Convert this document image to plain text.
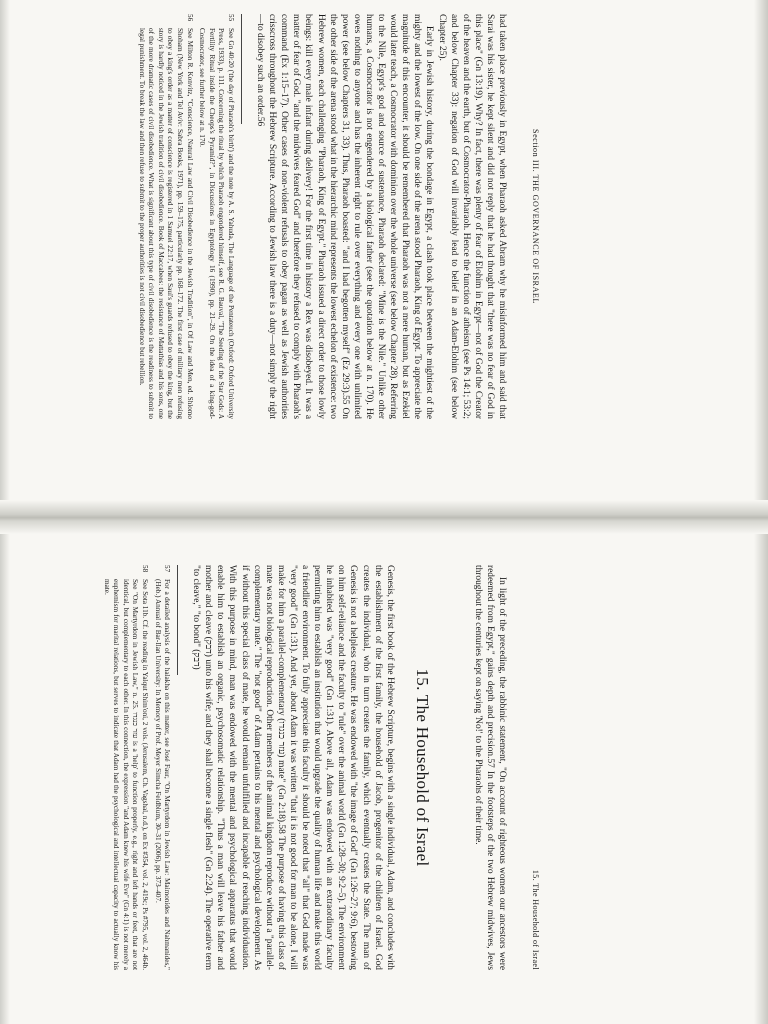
Section III. THE GOVERNANCE OF ISRAEL

had taken place previously in Egypt, when Pharaoh asked Abram why he misinformed him and said that Sarai was his sister, he kept silent and did not reply that he had thought that "there was no fear of God in this place" (Gn 13:19). Why? In fact, there was plenty of fear of Elohim in Egypt—not of God the Creator of the heaven and the earth, but of Cosmocrator-Pharaoh. Hence the function of atheism (see Ps 14:1; 53:2; and below Chapter 33): negation of God will invariably lead to belief in an Adam-Elohim (see below Chapter 25).

Early in Jewish history, during the bondage in Egypt, a clash took place between the mightiest of the mighty and the lowest of the low. On one side of the arena stood Pharaoh, King of Egypt. To appreciate the magnitude of this encounter, it should be remembered that Pharaoh was not a mere human, but as Ezekiel would later teach, a Cosmocrator with dominion over the whole universe (see below Chapter 28). Referring to the Nile, Egypt's god and source of sustenance, Pharaoh declared: "Mine is the Nile." Unlike other humans, a Cosmocrator is not engendered by a biological father (see the quotation below at n. 170). He owes nothing to anyone and has the inherent right to rule over everything and every one with unlimited power (see below Chapters 31, 33). Thus, Pharaoh boasted: "and I had begotten myself" (Ez 29:3).55 On the other side of the arena stood what in the hierarchic mind represents the lowest echelon of existence: two Hebrew women, each challenging "Pharaoh, King of Egypt." Pharaoh issued a direct order to those lowly beings: kill every male infant during delivery! For the first time in history a Rex was disobeyed. It was a matter of fear of God. "and the midwives feared God" and therefore they refused to comply with Pharaoh's command (Ex 1:15–17). Other cases of non-violent refusals to obey pagan as well as Jewish authorities crisscross throughout the Hebrew Scripture. According to Jewish law there is a duty—not simply the right—to disobey such an order.56

55
See Gn 40:20 ('the day of Pharaoh's birth') and the note by A. S. Yahuda, The Language of the Pentateuch (Oxford: Oxford University Press, 1933), p. 111. Concerning the ritual by which Pharaoh engendered himself, see R. G. Bauval, "The Seeding of the Star Gods: A Fertility Ritual inside the Cheops's Pyramid?", in Discussions in Egyptology 16 (1990), pp. 21–29. On the idea of a king-god-Cosmocrator, see further below at n. 170.
56
See Milton R. Konvitz, "Conscience, Natural Law and Civil Disobedience in the Jewish Tradition", in Of Law and Men, ed. Shlomo Shoham (New York and Tel Aviv: Sabra Books, 1971), pp. 159–175, particularly pp. 168–172. The first case of military men refusing to obey a king's order as a matter of conscience is registered in 1 Samuel 22:17, when Saul's guards refused to obey the king, but the story is hardly noticed in the Jewish tradition of civil disobedience. Book of Maccabees: the resistance of Mattathias and his sons, one of the more dramatic cases of civil disobedience. What is significant about this type of civil disobedience is the readiness to submit to legal punishment. To break the law and then refuse to submit to the proper authorities is not civil disobedience but rebellion.
15. The Household of Israel

In light of the preceding, the rabbinic statement, "On account of righteous women our ancestors were redeemed from Egypt," gains depth and precision.57 In the footsteps of the two Hebrew midwives, Jews throughout the centuries kept on saying 'No!' to the Pharaohs of their time.

15. The Household of Israel

Genesis, the first book of the Hebrew Scripture, begins with a single individual, Adam, and concludes with the establishment of the first family, the household of Jacob, progenitor of the children of Israel. God creates the individual, who in turn creates the family, which eventually creates the State. The man of Genesis is not a helpless creature. He was endowed with "the image of God" (Gn 1:26–27; 9:6), bestowing on him self-reliance and the faculty to "rule" over the animal world (Gn 1:28–30; 9:2–5). The environment he inhabited was "very good" (Gn 1:31). Above all, Adam was endowed with an extraordinary faculty permitting him to establish an institution that would upgrade the quality of human life and make this world a friendlier environment. To fully appreciate this faculty it should be noted that "all" that God made was "very good" (Gn 1:31). And yet, about Adam it was written "that it is not good for man to be alone, I will make for him a parallel-complementary (עזר כנגדו) mate" (Gn 2:18).58 The purpose of having this class of mate was not biological reproduction. Other members of the animal kingdom reproduce without a "parallel-complementary mate." The "not good" of Adam pertains to his mental and psychological development. As if without this special class of mate, he would remain unfulfilled and incapable of reaching individuation. With this purpose in mind, man was endowed with the mental and psychological apparatus that would enable him to establish an organic, psychosomatic relationship. "Thus a man will leave his father and mother and cleave (דבק) unto his wife; and they shall become a single flesh" (Gn 2:24). The operative term "to cleave," "to bond" (דבק)

57
For a detailed analysis of the halakha on this matter, see José Faur, "On Martyrdom in Jewish Law: Maimonides and Nahmanides," (Heb.) Annual of Bar-Ilan University: In Memory of Prof. Meyer Simcha Feldblum, 30–31 (2006), pp. 373–407.
58
See Sota 11b. Cf. the reading in Yalqut Shim'oni, 2 vols. (Jerusalem, Ch. Vagshal, n.d.), on Ex #354, vol. 2, 419c; Ps #795, vol. 2, 464b. See "On Martyrdom in Jewish Law," n. 25. עזר כנגדו is a 'help' to function properly, e.g., right and left hands or feet, that are not identical, but complementary to each other. In this connection, the expression "and Adam knew his wife Eve" (Gn 4:1) is not merely a euphemism for marital relations, but serves to indicate that Adam had the psychological and intellectual capacity to actually know his mate.
